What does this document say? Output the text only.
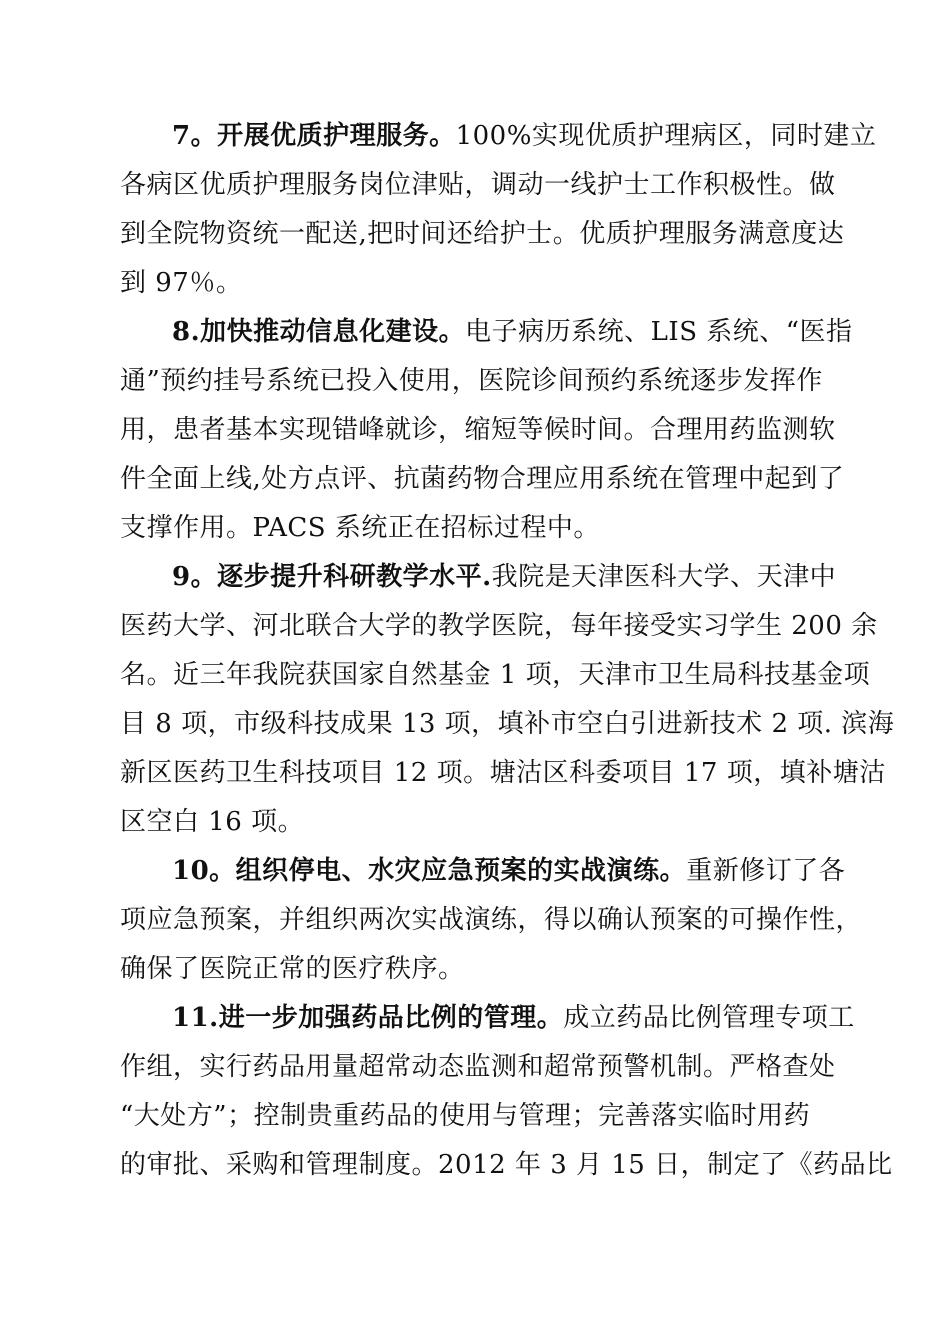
7。开展优质护理服务。100%实现优质护理病区，同时建立
各病区优质护理服务岗位津贴，调动一线护士工作积极性。做
到全院物资统一配送,把时间还给护士。优质护理服务满意度达
到 97％。

8.加快推动信息化建设。电子病历系统、LIS 系统、“医指
通”预约挂号系统已投入使用，医院诊间预约系统逐步发挥作
用，患者基本实现错峰就诊，缩短等候时间。合理用药监测软
件全面上线,处方点评、抗菌药物合理应用系统在管理中起到了
支撑作用。PACS 系统正在招标过程中。

9。逐步提升科研教学水平.我院是天津医科大学、天津中
医药大学、河北联合大学的教学医院，每年接受实习学生 200 余
名。近三年我院获国家自然基金 1 项，天津市卫生局科技基金项
目 8 项，市级科技成果 13 项，填补市空白引进新技术 2 项. 滨海
新区医药卫生科技项目 12 项。塘沽区科委项目 17 项，填补塘沽
区空白 16 项。

10。组织停电、水灾应急预案的实战演练。重新修订了各
项应急预案，并组织两次实战演练，得以确认预案的可操作性，
确保了医院正常的医疗秩序。

11.进一步加强药品比例的管理。成立药品比例管理专项工
作组，实行药品用量超常动态监测和超常预警机制。严格查处
“大处方”；控制贵重药品的使用与管理；完善落实临时用药
的审批、采购和管理制度。2012 年 3 月 15 日，制定了《药品比
